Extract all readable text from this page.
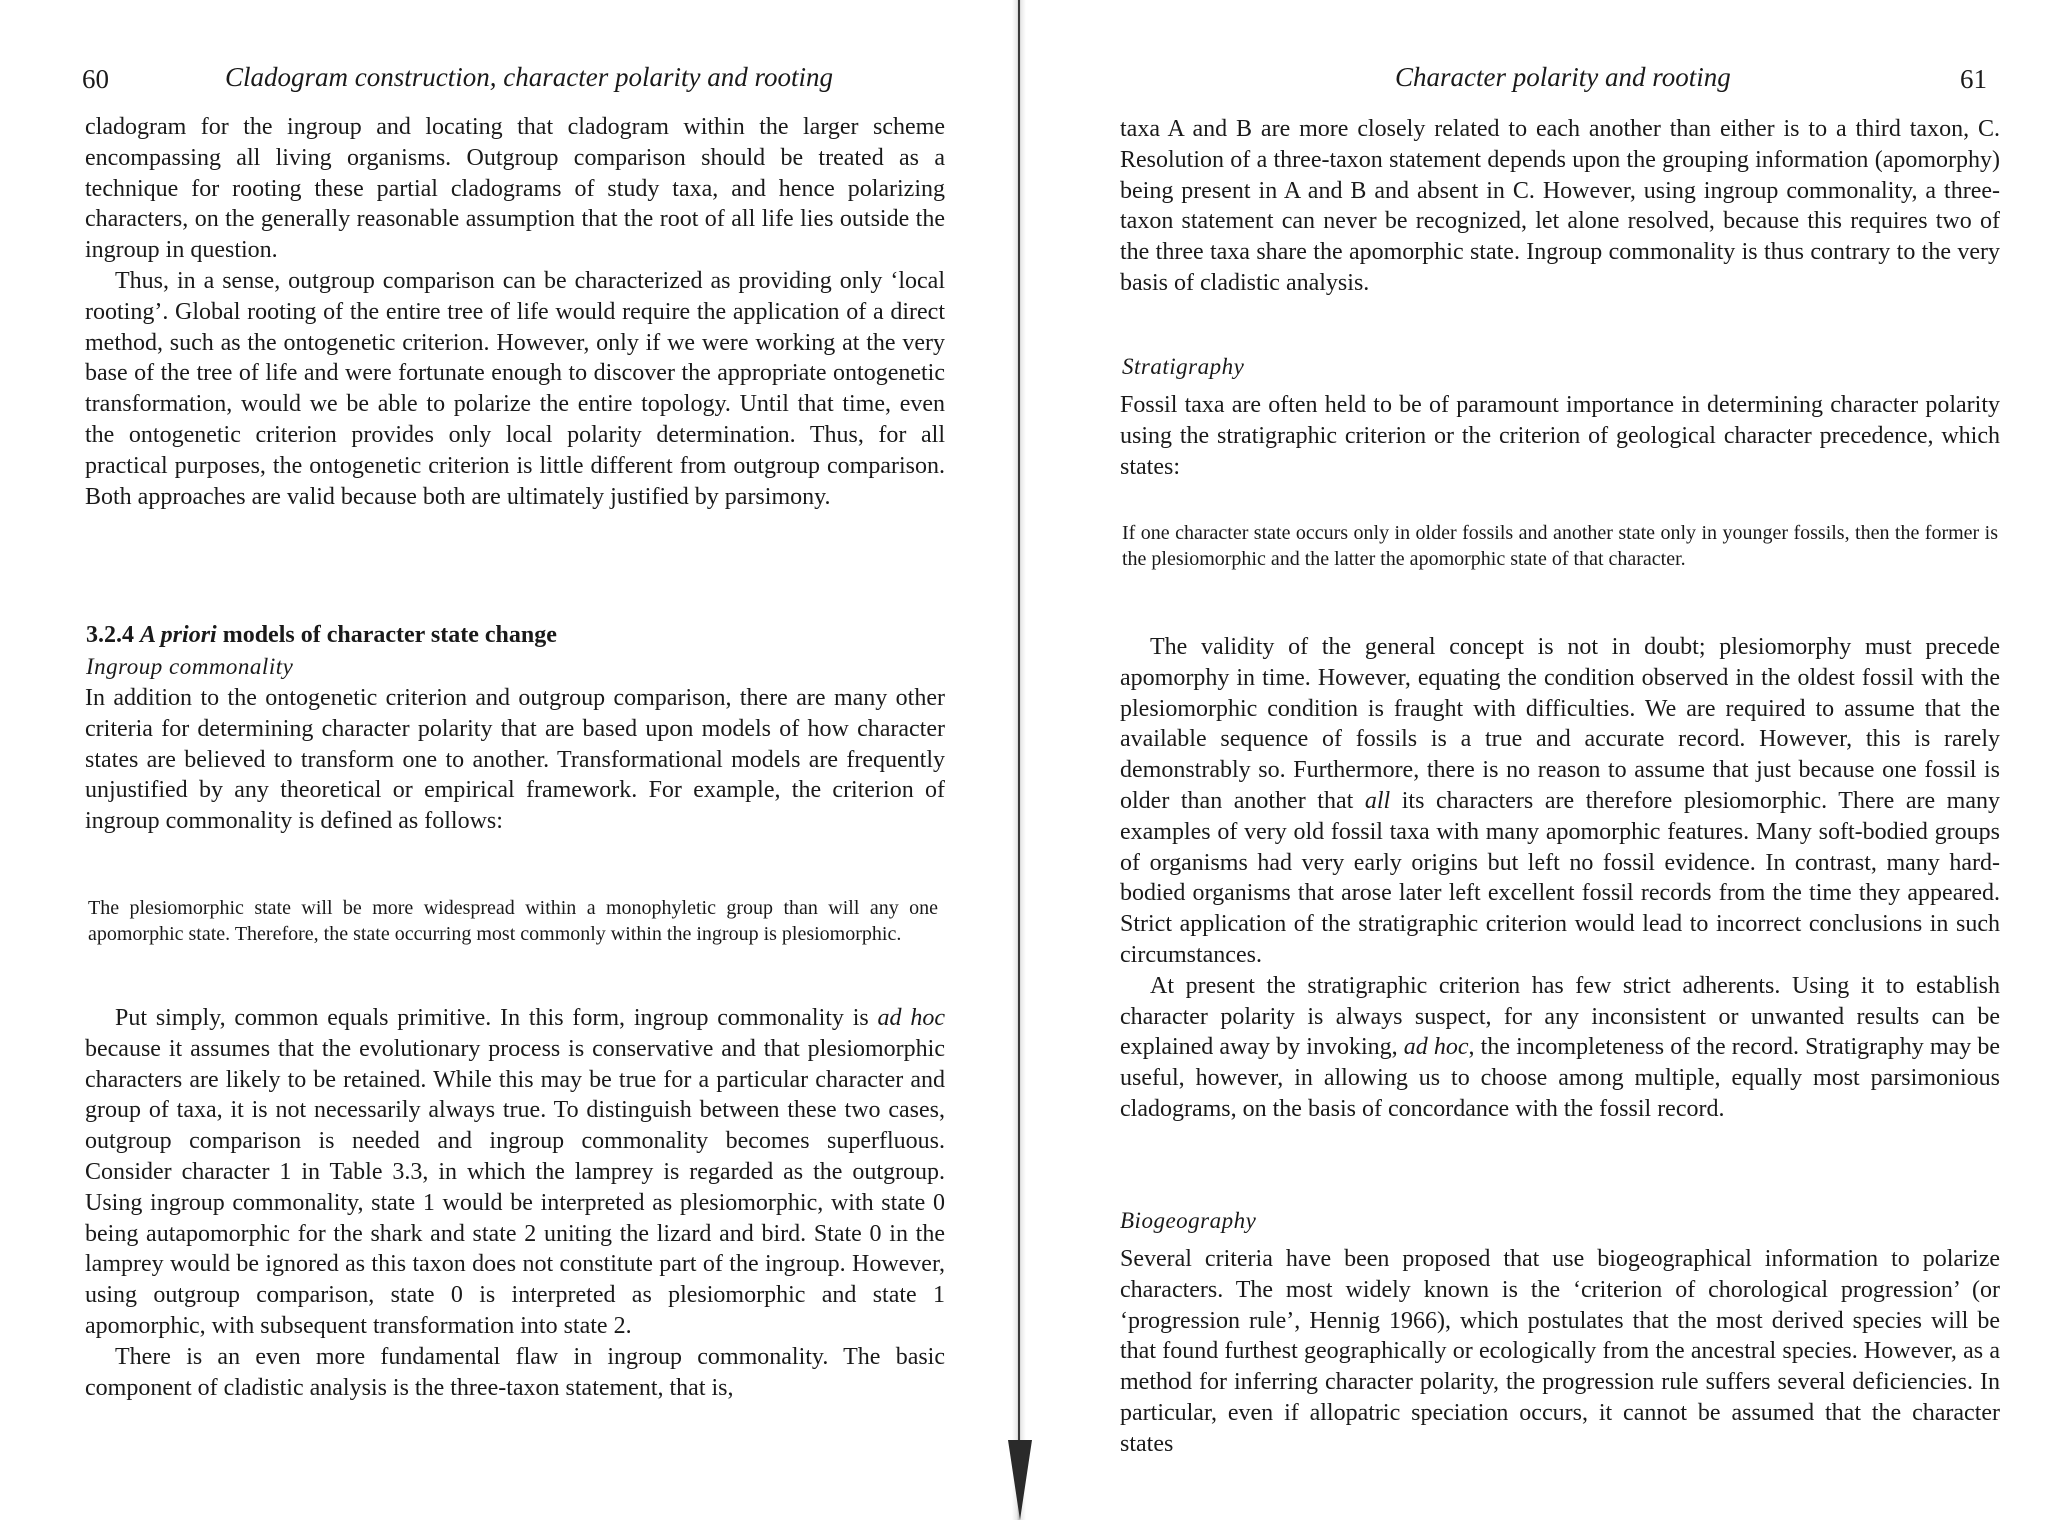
60	Cladogram construction, character polarity and rooting

cladogram for the ingroup and locating that cladogram within the larger scheme encompassing all living organisms. Outgroup comparison should be treated as a technique for rooting these partial cladograms of study taxa, and hence polarizing characters, on the generally reasonable assumption that the root of all life lies outside the ingroup in question.

Thus, in a sense, outgroup comparison can be characterized as providing only ‘local rooting’. Global rooting of the entire tree of life would require the application of a direct method, such as the ontogenetic criterion. However, only if we were working at the very base of the tree of life and were fortunate enough to discover the appropriate ontogenetic transformation, would we be able to polarize the entire topology. Until that time, even the ontogenetic criterion provides only local polarity determination. Thus, for all practical purposes, the ontogenetic criterion is little different from outgroup comparison. Both approaches are valid because both are ultimately justified by parsimony.

3.2.4 A priori models of character state change
Ingroup commonality

In addition to the ontogenetic criterion and outgroup comparison, there are many other criteria for determining character polarity that are based upon models of how character states are believed to transform one to another. Transformational models are frequently unjustified by any theoretical or empirical framework. For example, the criterion of ingroup commonality is defined as follows:

The plesiomorphic state will be more widespread within a monophyletic group than will any one apomorphic state. Therefore, the state occurring most commonly within the ingroup is plesiomorphic.

Put simply, common equals primitive. In this form, ingroup commonality is ad hoc because it assumes that the evolutionary process is conservative and that plesiomorphic characters are likely to be retained. While this may be true for a particular character and group of taxa, it is not necessarily always true. To distinguish between these two cases, outgroup comparison is needed and ingroup commonality becomes superfluous. Consider character 1 in Table 3.3, in which the lamprey is regarded as the outgroup. Using ingroup commonality, state 1 would be interpreted as plesiomorphic, with state 0 being autapomorphic for the shark and state 2 uniting the lizard and bird. State 0 in the lamprey would be ignored as this taxon does not constitute part of the ingroup. However, using outgroup comparison, state 0 is interpreted as plesiomorphic and state 1 apomorphic, with subsequent transformation into state 2.

There is an even more fundamental flaw in ingroup commonality. The basic component of cladistic analysis is the three-taxon statement, that is,

Character polarity and rooting	61

taxa A and B are more closely related to each another than either is to a third taxon, C. Resolution of a three-taxon statement depends upon the grouping information (apomorphy) being present in A and B and absent in C. However, using ingroup commonality, a three-taxon statement can never be recognized, let alone resolved, because this requires two of the three taxa share the apomorphic state. Ingroup commonality is thus contrary to the very basis of cladistic analysis.

Stratigraphy

Fossil taxa are often held to be of paramount importance in determining character polarity using the stratigraphic criterion or the criterion of geological character precedence, which states:

If one character state occurs only in older fossils and another state only in younger fossils, then the former is the plesiomorphic and the latter the apomorphic state of that character.

The validity of the general concept is not in doubt; plesiomorphy must precede apomorphy in time. However, equating the condition observed in the oldest fossil with the plesiomorphic condition is fraught with difficulties. We are required to assume that the available sequence of fossils is a true and accurate record. However, this is rarely demonstrably so. Furthermore, there is no reason to assume that just because one fossil is older than another that all its characters are therefore plesiomorphic. There are many examples of very old fossil taxa with many apomorphic features. Many soft-bodied groups of organisms had very early origins but left no fossil evidence. In contrast, many hard-bodied organisms that arose later left excellent fossil records from the time they appeared. Strict application of the stratigraphic criterion would lead to incorrect conclusions in such circumstances.

At present the stratigraphic criterion has few strict adherents. Using it to establish character polarity is always suspect, for any inconsistent or unwanted results can be explained away by invoking, ad hoc, the incompleteness of the record. Stratigraphy may be useful, however, in allowing us to choose among multiple, equally most parsimonious cladograms, on the basis of concordance with the fossil record.

Biogeography

Several criteria have been proposed that use biogeographical information to polarize characters. The most widely known is the ‘criterion of chorological progression’ (or ‘progression rule’, Hennig 1966), which postulates that the most derived species will be that found furthest geographically or ecologically from the ancestral species. However, as a method for inferring character polarity, the progression rule suffers several deficiencies. In particular, even if allopatric speciation occurs, it cannot be assumed that the character states
